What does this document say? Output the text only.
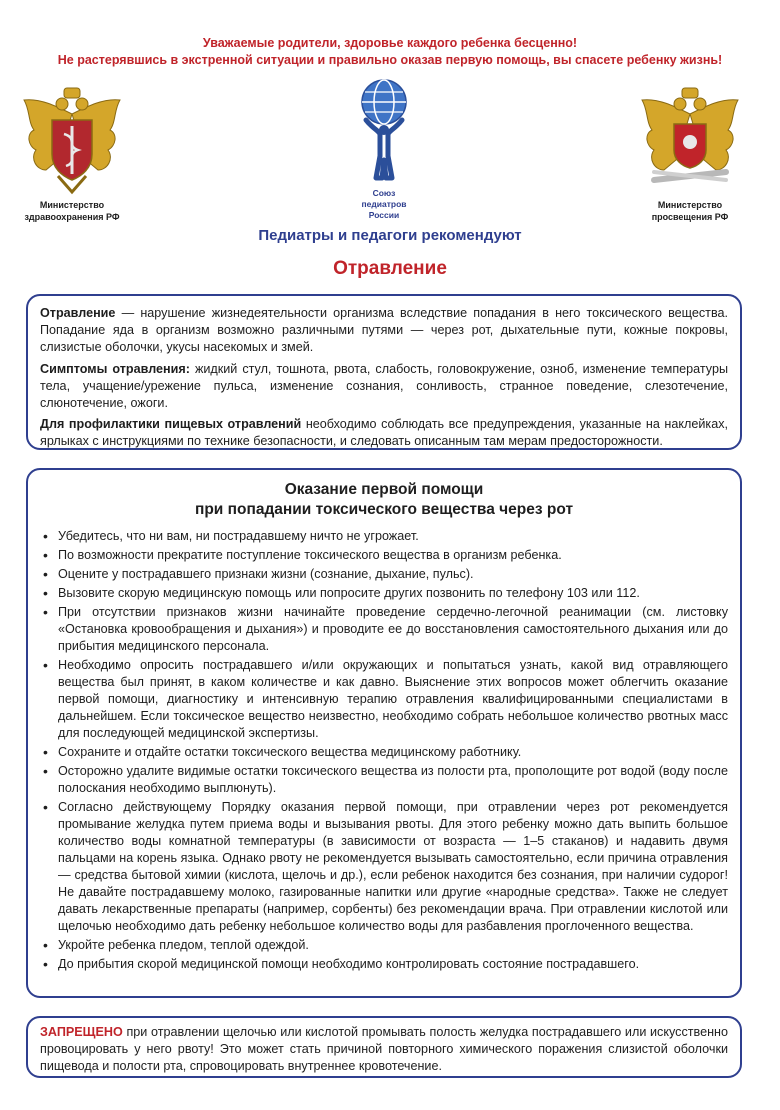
Уважаемые родители, здоровье каждого ребенка бесценно!
Не растерявшись в экстренной ситуации и правильно оказав первую помощь, вы спасете ребенку жизнь!
Министерство
здравоохранения РФ
Союз
педиатров
России
Министерство
просвещения РФ
Педиатры и педагоги рекомендуют
Отравление

Отравление — нарушение жизнедеятельности организма вследствие попадания в него токсического вещества. Попадание яда в организм возможно различными путями — через рот, дыхательные пути, кожные покровы, слизистые оболочки, укусы насекомых и змей.

Симптомы отравления: жидкий стул, тошнота, рвота, слабость, головокружение, озноб, изменение температуры тела, учащение/урежение пульса, изменение сознания, сонливость, странное поведение, слезотечение, слюнотечение, ожоги.

Для профилактики пищевых отравлений необходимо соблюдать все предупреждения, указанные на наклейках, ярлыках с инструкциями по технике безопасности, и следовать описанным там мерам предосторожности.

Оказание первой помощи
при попадании токсического вещества через рот
• Убедитесь, что ни вам, ни пострадавшему ничто не угрожает.
• По возможности прекратите поступление токсического вещества в организм ребенка.
• Оцените у пострадавшего признаки жизни (сознание, дыхание, пульс).
• Вызовите скорую медицинскую помощь или попросите других позвонить по телефону 103 или 112.
• При отсутствии признаков жизни начинайте проведение сердечно-легочной реанимации (см. листовку «Остановка кровообращения и дыхания») и проводите ее до восстановления самостоятельного дыхания или до прибытия медицинского персонала.
• Необходимо опросить пострадавшего и/или окружающих и попытаться узнать, какой вид отравляющего вещества был принят, в каком количестве и как давно. Выяснение этих вопросов может облегчить оказание первой помощи, диагностику и интенсивную терапию отравления квалифицированными специалистами в дальнейшем. Если токсическое вещество неизвестно, необходимо собрать небольшое количество рвотных масс для последующей медицинской экспертизы.
• Сохраните и отдайте остатки токсического вещества медицинскому работнику.
• Осторожно удалите видимые остатки токсического вещества из полости рта, прополощите рот водой (воду после полоскания необходимо выплюнуть).
• Согласно действующему Порядку оказания первой помощи, при отравлении через рот рекомендуется промывание желудка путем приема воды и вызывания рвоты. Для этого ребенку можно дать выпить большое количество воды комнатной температуры (в зависимости от возраста — 1–5 стаканов) и надавить двумя пальцами на корень языка. Однако рвоту не рекомендуется вызывать самостоятельно, если причина отравления — средства бытовой химии (кислота, щелочь и др.), если ребенок находится без сознания, при наличии судорог! Не давайте пострадавшему молоко, газированные напитки или другие «народные средства». Также не следует давать лекарственные препараты (например, сорбенты) без рекомендации врача. При отравлении кислотой или щелочью необходимо дать ребенку небольшое количество воды для разбавления проглоченного вещества.
• Укройте ребенка пледом, теплой одеждой.
• До прибытия скорой медицинской помощи необходимо контролировать состояние пострадавшего.

ЗАПРЕЩЕНО при отравлении щелочью или кислотой промывать полость желудка пострадавшего или искусственно провоцировать у него рвоту! Это может стать причиной повторного химического поражения слизистой оболочки пищевода и полости рта, спровоцировать внутреннее кровотечение.
